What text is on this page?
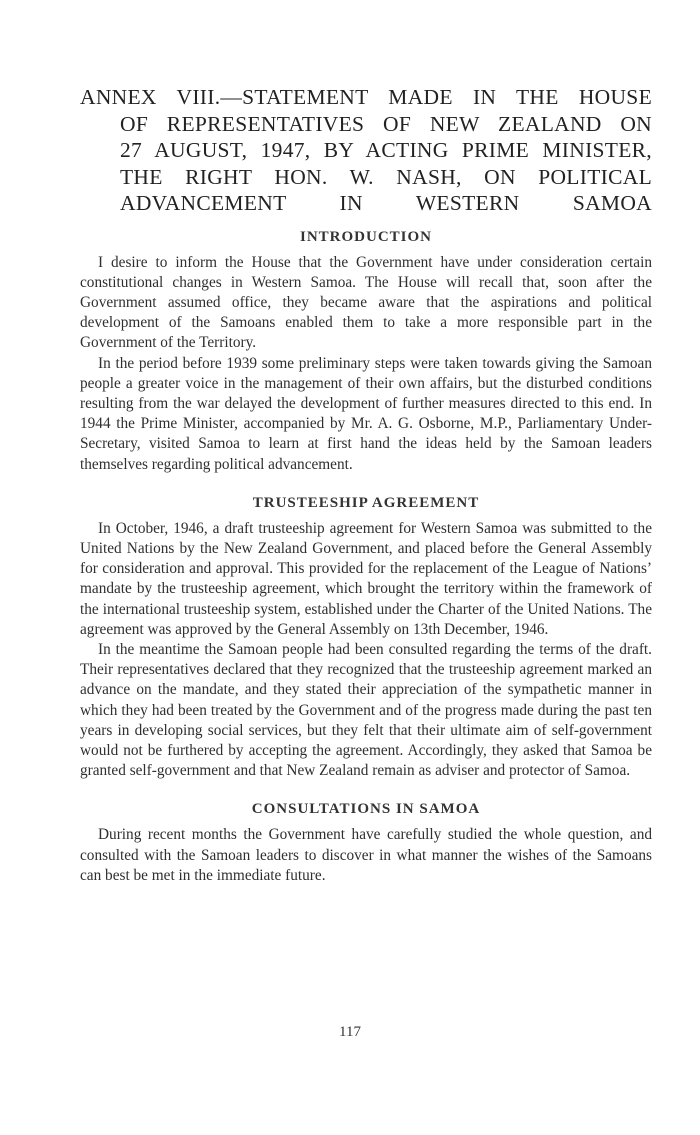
ANNEX VIII.—STATEMENT MADE IN THE HOUSE
OF REPRESENTATIVES OF NEW ZEALAND ON
27 AUGUST, 1947, BY ACTING PRIME MINISTER,
THE RIGHT HON. W. NASH, ON POLITICAL
ADVANCEMENT IN WESTERN SAMOA
INTRODUCTION

I desire to inform the House that the Government have under consideration certain constitutional changes in Western Samoa. The House will recall that, soon after the Government assumed office, they became aware that the aspirations and political development of the Samoans enabled them to take a more responsible part in the Government of the Territory.

In the period before 1939 some preliminary steps were taken towards giving the Samoan people a greater voice in the management of their own affairs, but the disturbed conditions resulting from the war delayed the development of further measures directed to this end. In 1944 the Prime Minister, accompanied by Mr. A. G. Osborne, M.P., Parliamentary Under-Secretary, visited Samoa to learn at first hand the ideas held by the Samoan leaders themselves regarding political advancement.

TRUSTEESHIP AGREEMENT

In October, 1946, a draft trusteeship agreement for Western Samoa was submitted to the United Nations by the New Zealand Government, and placed before the General Assembly for consideration and approval. This provided for the replacement of the League of Nations’ mandate by the trusteeship agreement, which brought the territory within the framework of the international trusteeship system, established under the Charter of the United Nations. The agreement was approved by the General Assembly on 13th December, 1946.

In the meantime the Samoan people had been consulted regarding the terms of the draft. Their representatives declared that they recognized that the trusteeship agreement marked an advance on the mandate, and they stated their appreciation of the sympathetic manner in which they had been treated by the Government and of the progress made during the past ten years in developing social services, but they felt that their ultimate aim of self-government would not be furthered by accepting the agreement. Accordingly, they asked that Samoa be granted self-government and that New Zealand remain as adviser and protector of Samoa.

CONSULTATIONS IN SAMOA

During recent months the Government have carefully studied the whole question, and consulted with the Samoan leaders to discover in what manner the wishes of the Samoans can best be met in the immediate future.

117
